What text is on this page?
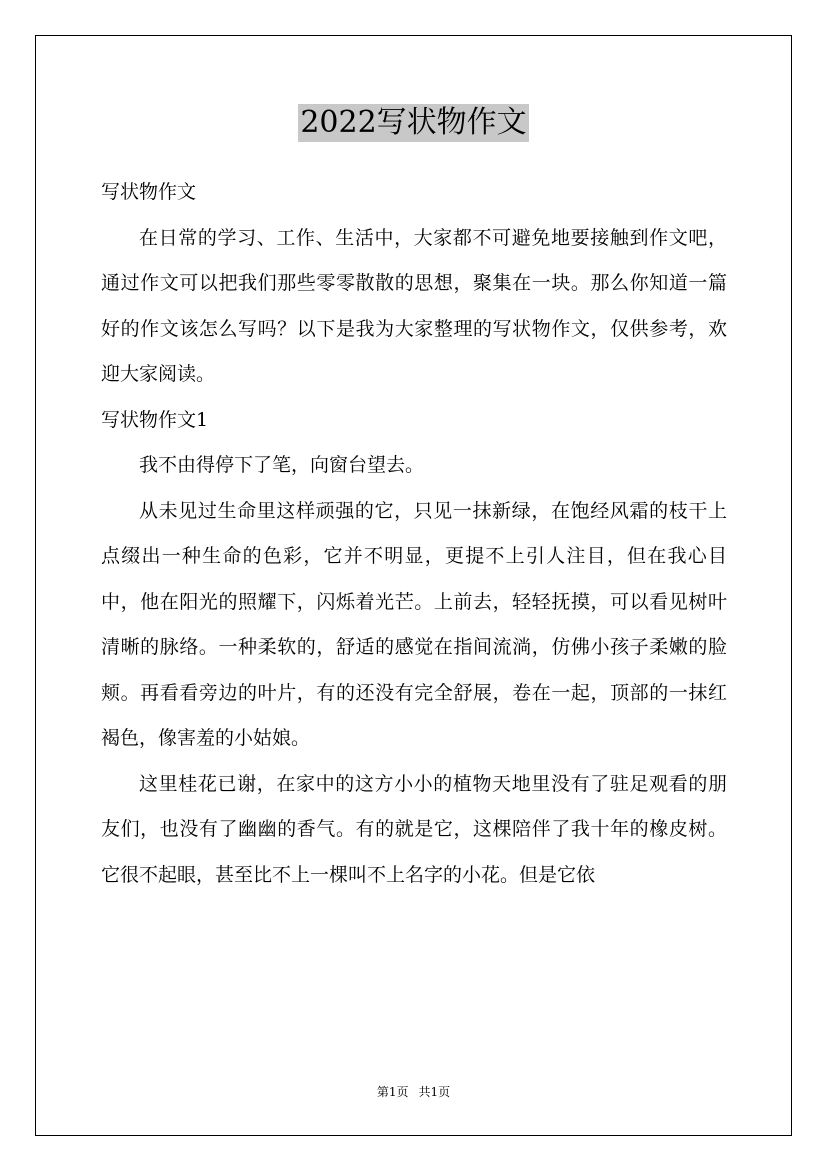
2022写状物作文

写状物作文

在日常的学习、工作、生活中，大家都不可避免地要接触到作文吧，通过作文可以把我们那些零零散散的思想，聚集在一块。那么你知道一篇好的作文该怎么写吗？以下是我为大家整理的写状物作文，仅供参考，欢迎大家阅读。

写状物作文1

我不由得停下了笔，向窗台望去。

从未见过生命里这样顽强的它，只见一抹新绿，在饱经风霜的枝干上点缀出一种生命的色彩，它并不明显，更提不上引人注目，但在我心目中，他在阳光的照耀下，闪烁着光芒。上前去，轻轻抚摸，可以看见树叶清晰的脉络。一种柔软的，舒适的感觉在指间流淌，仿佛小孩子柔嫩的脸颊。再看看旁边的叶片，有的还没有完全舒展，卷在一起，顶部的一抹红褐色，像害羞的小姑娘。

这里桂花已谢，在家中的这方小小的植物天地里没有了驻足观看的朋友们，也没有了幽幽的香气。有的就是它，这棵陪伴了我十年的橡皮树。它很不起眼，甚至比不上一棵叫不上名字的小花。但是它依

第1页 共1页
